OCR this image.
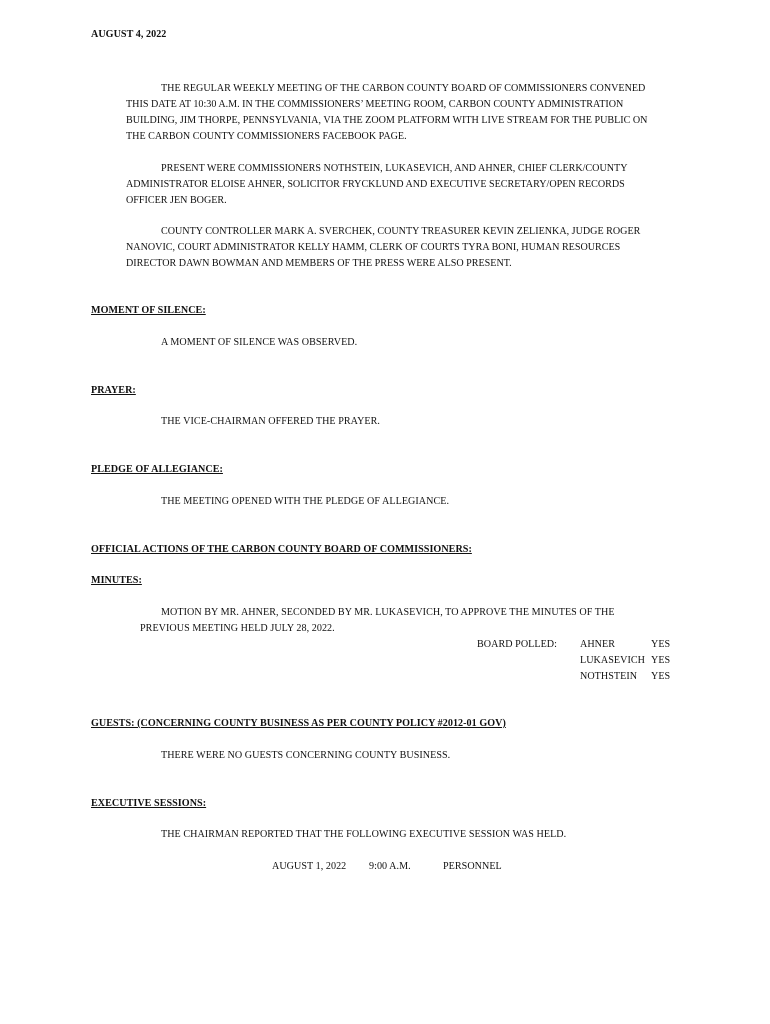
AUGUST 4, 2022
THE REGULAR WEEKLY MEETING OF THE CARBON COUNTY BOARD OF COMMISSIONERS CONVENED
THIS DATE AT 10:30 A.M. IN THE COMMISSIONERS’ MEETING ROOM, CARBON COUNTY ADMINISTRATION
BUILDING, JIM THORPE, PENNSYLVANIA, VIA THE ZOOM PLATFORM WITH LIVE STREAM FOR THE PUBLIC ON
THE CARBON COUNTY COMMISSIONERS FACEBOOK PAGE.
PRESENT WERE COMMISSIONERS NOTHSTEIN, LUKASEVICH, AND AHNER, CHIEF CLERK/COUNTY
ADMINISTRATOR ELOISE AHNER, SOLICITOR FRYCKLUND AND EXECUTIVE SECRETARY/OPEN RECORDS
OFFICER JEN BOGER.
COUNTY CONTROLLER MARK A. SVERCHEK, COUNTY TREASURER KEVIN ZELIENKA, JUDGE ROGER
NANOVIC, COURT ADMINISTRATOR KELLY HAMM, CLERK OF COURTS TYRA BONI, HUMAN RESOURCES
DIRECTOR DAWN BOWMAN AND MEMBERS OF THE PRESS WERE ALSO PRESENT.
MOMENT OF SILENCE:
A MOMENT OF SILENCE WAS OBSERVED.
PRAYER:
THE VICE-CHAIRMAN OFFERED THE PRAYER.
PLEDGE OF ALLEGIANCE:
THE MEETING OPENED WITH THE PLEDGE OF ALLEGIANCE.
OFFICIAL ACTIONS OF THE CARBON COUNTY BOARD OF COMMISSIONERS:
MINUTES:
MOTION BY MR. AHNER, SECONDED BY MR. LUKASEVICH, TO APPROVE THE MINUTES OF THE
PREVIOUS MEETING HELD JULY 28, 2022.
BOARD POLLED: AHNER	YES
LUKASEVICH YES
NOTHSTEIN YES
GUESTS: (CONCERNING COUNTY BUSINESS AS PER COUNTY POLICY #2012-01 GOV)
THERE WERE NO GUESTS CONCERNING COUNTY BUSINESS.
EXECUTIVE SESSIONS:
THE CHAIRMAN REPORTED THAT THE FOLLOWING EXECUTIVE SESSION WAS HELD.
AUGUST 1, 2022 9:00 A.M.	PERSONNEL
